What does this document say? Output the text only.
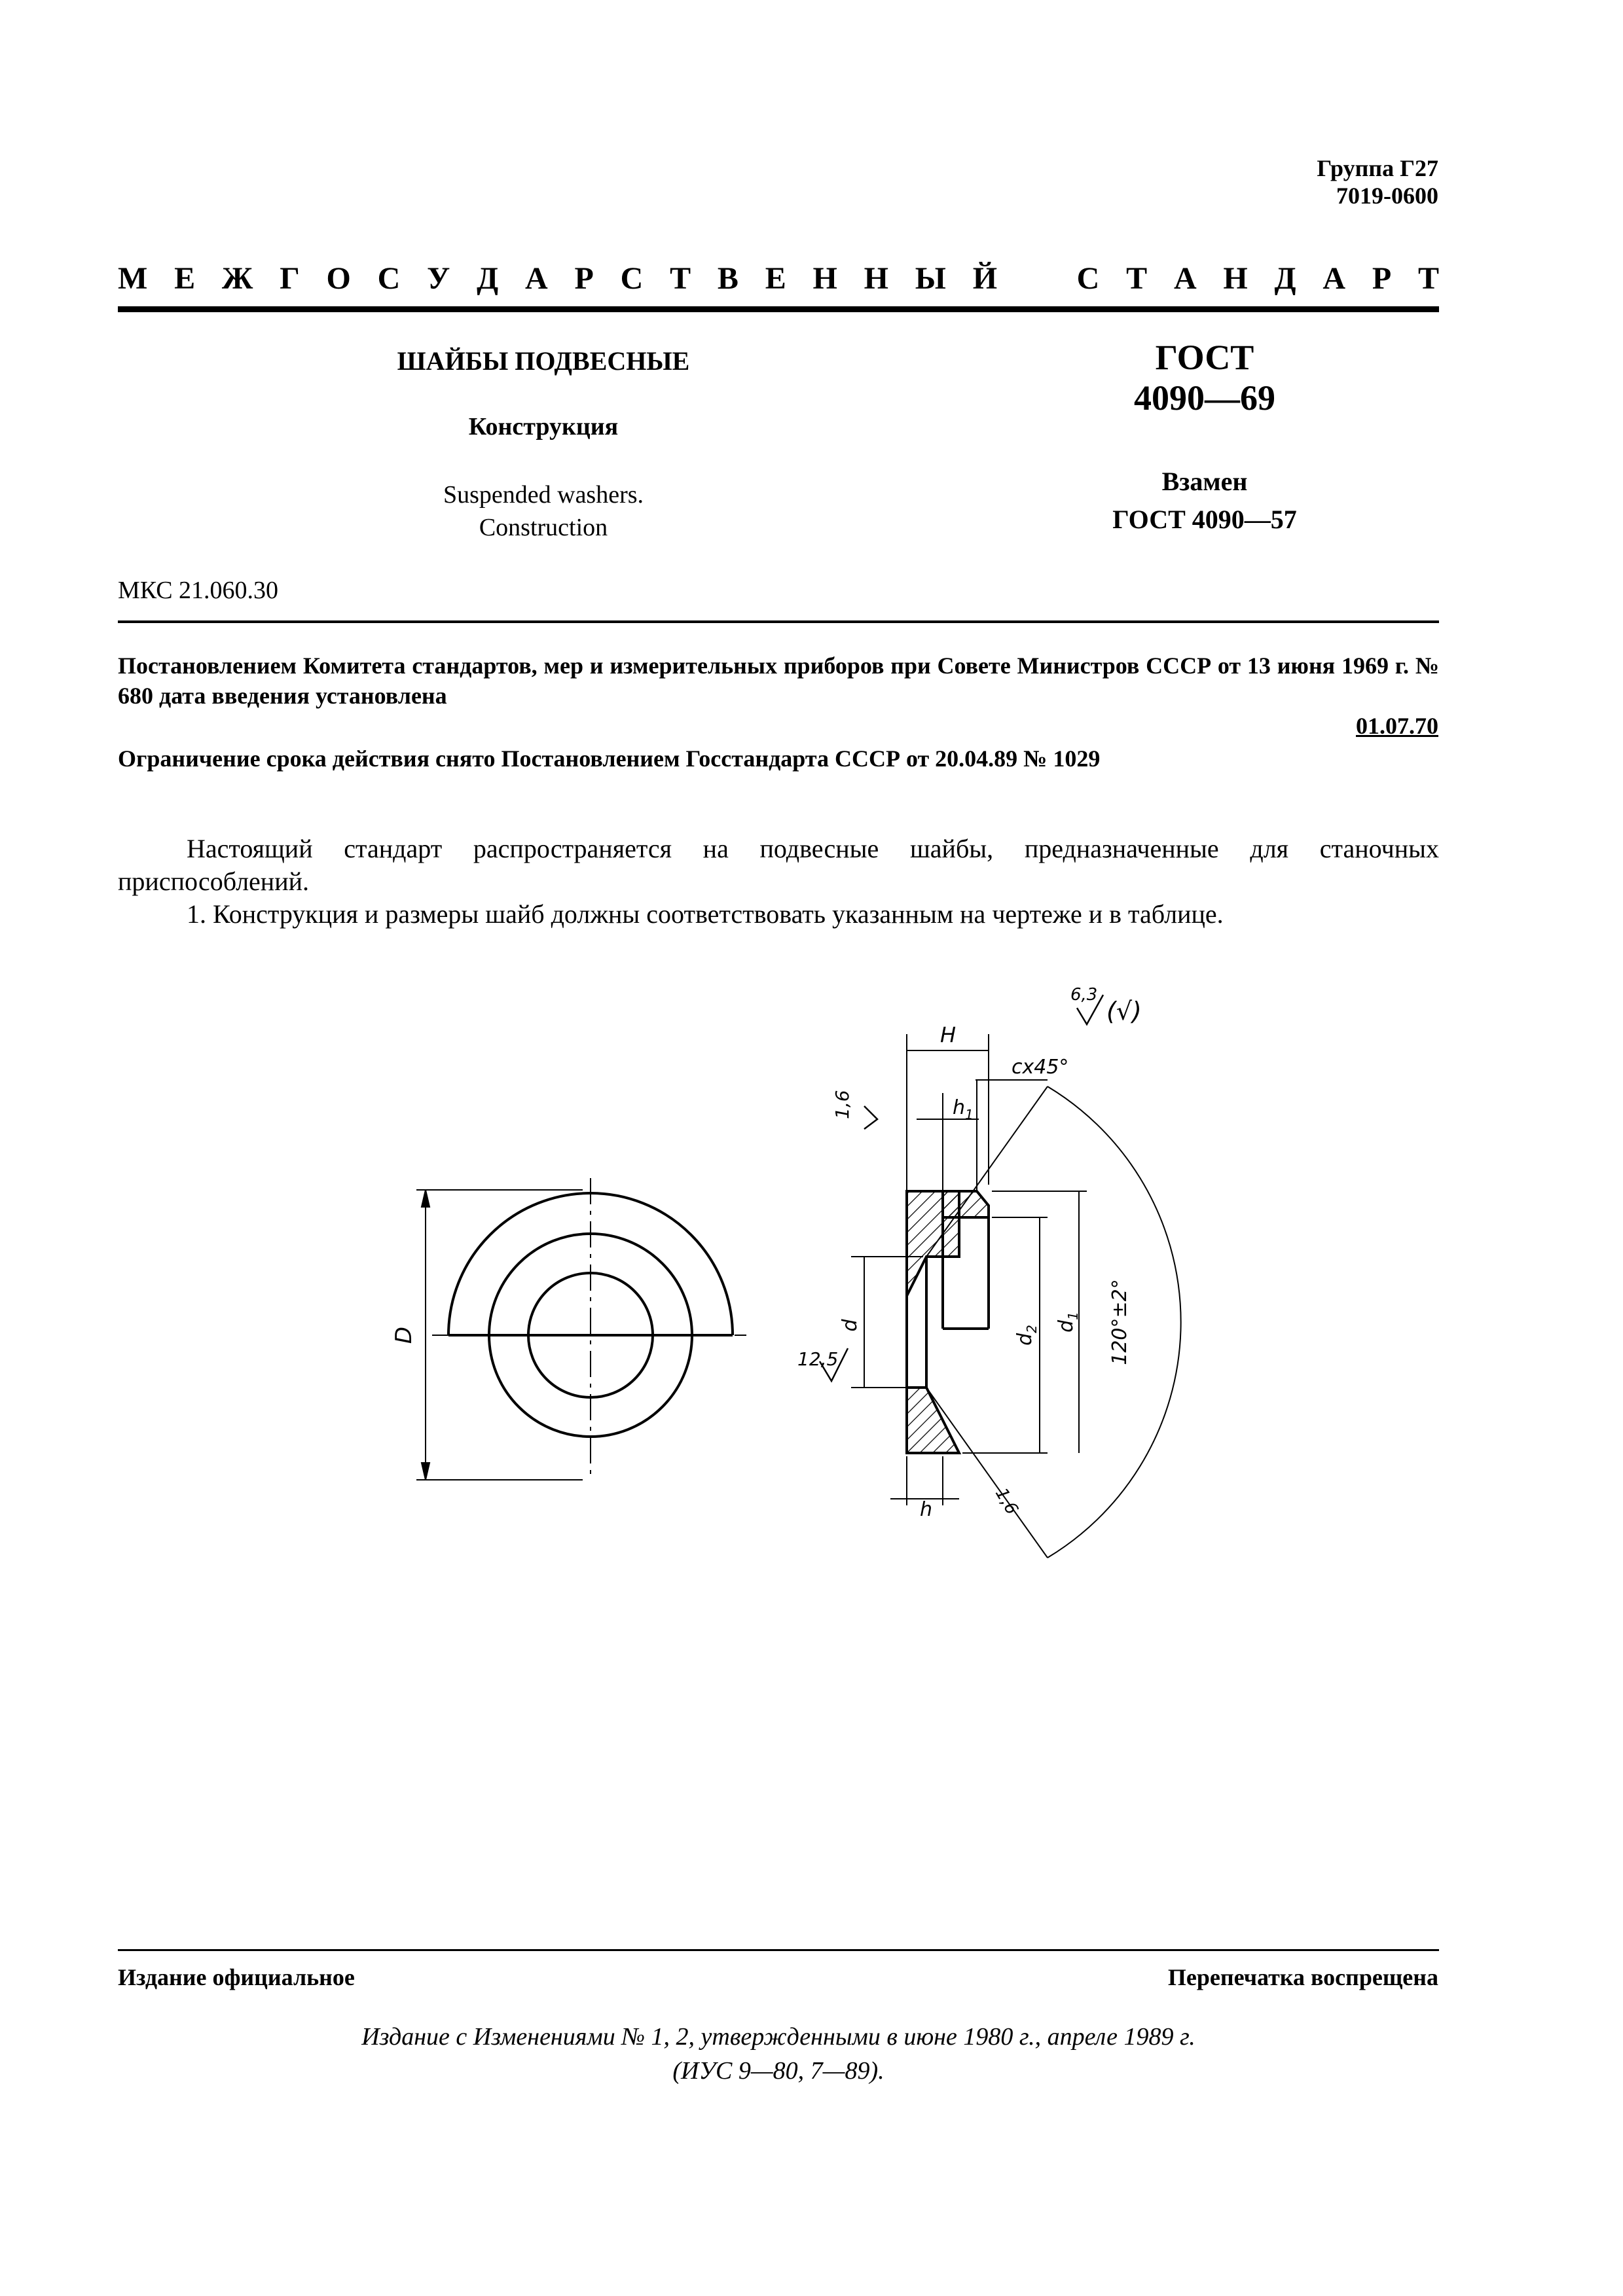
Группа Г27
7019-0600
М Е Ж Г О С У Д А Р С Т В Е Н Н Ы Й	С Т А Н Д А Р Т
ШАЙБЫ ПОДВЕСНЫЕ
Конструкция
Suspended washers.
Construction
ГОСТ
4090—69
Взамен
ГОСТ 4090—57
МКС 21.060.30
Постановлением Комитета стандартов, мер и измерительных приборов при Совете Министров СССР от 13 июня 1969 г. № 680 дата введения установлена
01.07.70
Ограничение срока действия снято Постановлением Госстандарта СССР от 20.04.89 № 1029
Настоящий стандарт распространяется на подвесные шайбы, предназначенные для станочных приспособлений.
1. Конструкция и размеры шайб должны соответствовать указанным на чертеже и в таблице.
D
H
cx45°
$h_1$
1,6
d
$d_2$ $d_1$ 120°±2°
12,5
h	1,6
6,3
(√)
Издание официальное	Перепечатка воспрещена
Издание с Изменениями № 1, 2, утвержденными в июне 1980 г., апреле 1989 г.
(ИУС 9—80, 7—89).
